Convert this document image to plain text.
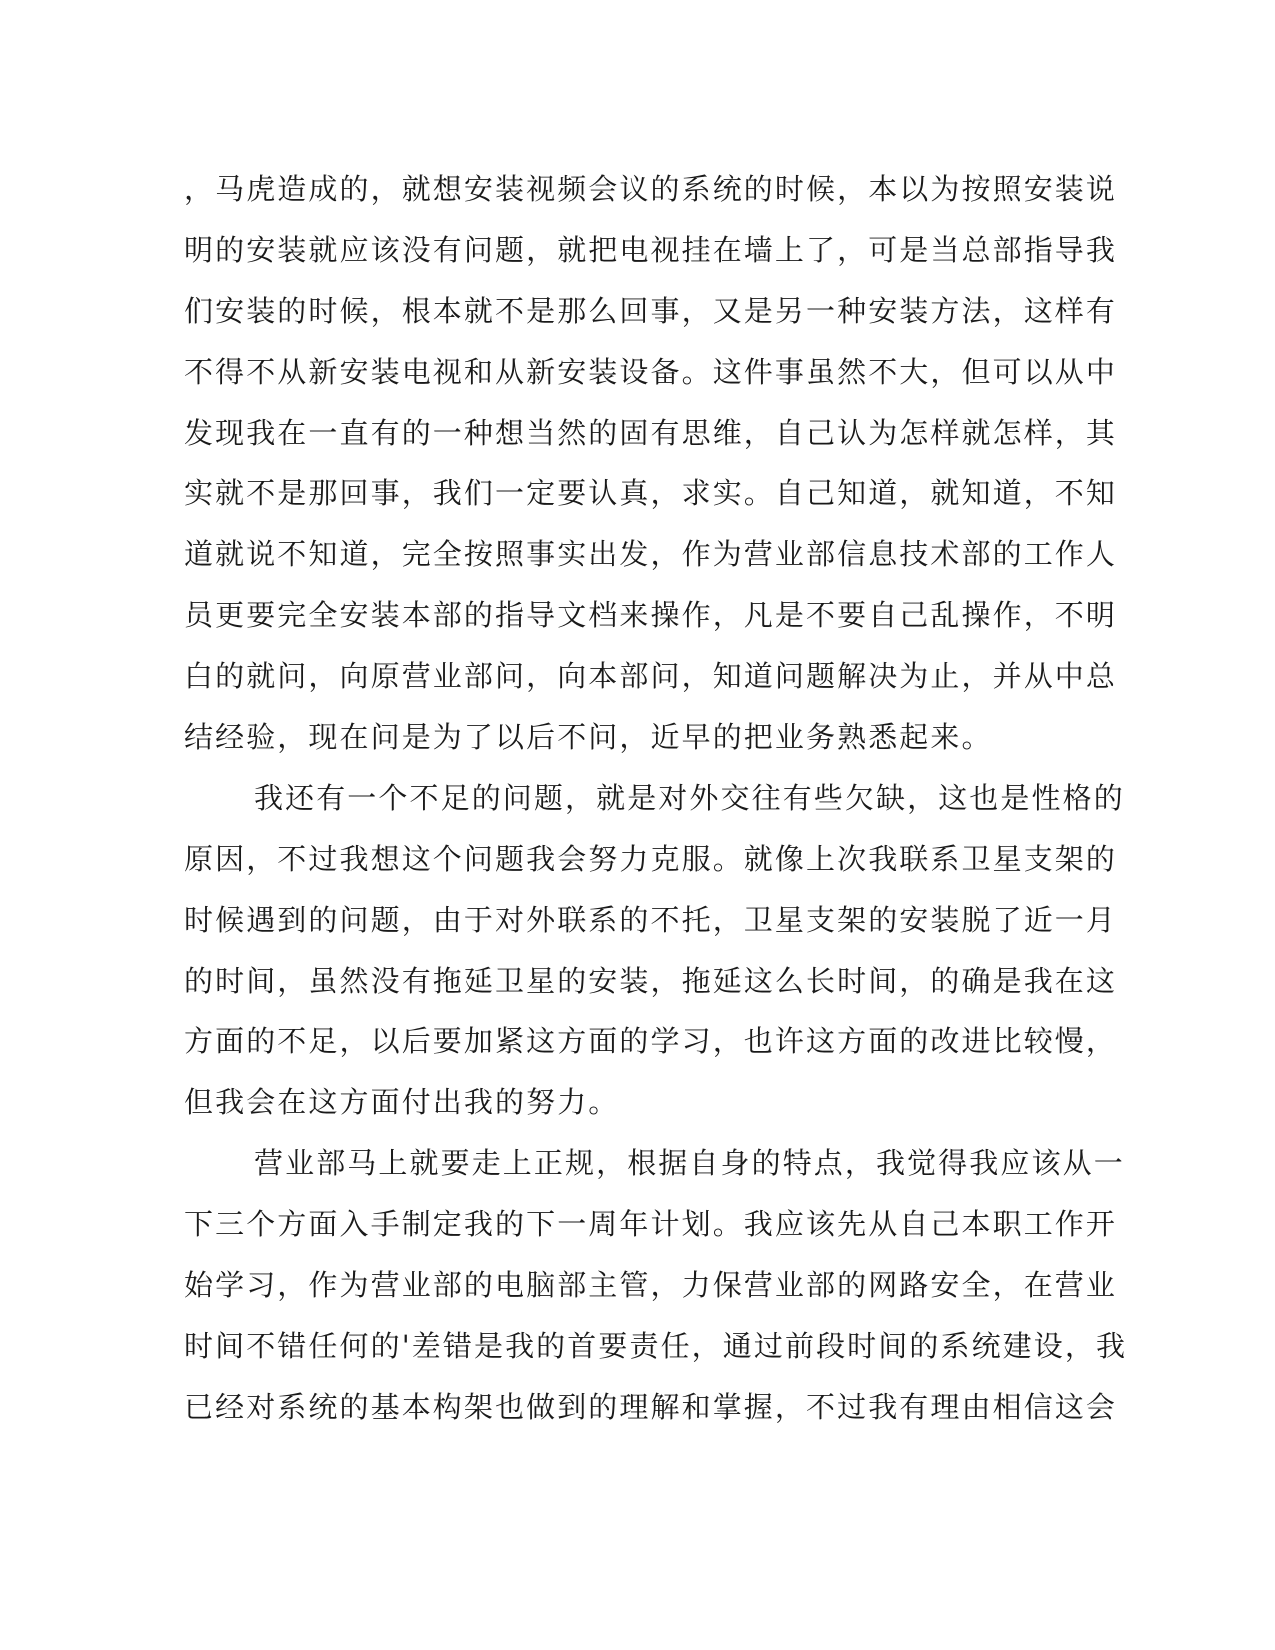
，马虎造成的，就想安装视频会议的系统的时候，本以为按照安装说
明的安装就应该没有问题，就把电视挂在墙上了，可是当总部指导我
们安装的时候，根本就不是那么回事，又是另一种安装方法，这样有
不得不从新安装电视和从新安装设备。这件事虽然不大，但可以从中
发现我在一直有的一种想当然的固有思维，自己认为怎样就怎样，其
实就不是那回事，我们一定要认真，求实。自己知道，就知道，不知
道就说不知道，完全按照事实出发，作为营业部信息技术部的工作人
员更要完全安装本部的指导文档来操作，凡是不要自己乱操作，不明
白的就问，向原营业部问，向本部问，知道问题解决为止，并从中总
结经验，现在问是为了以后不问，近早的把业务熟悉起来。
我还有一个不足的问题，就是对外交往有些欠缺，这也是性格的
原因，不过我想这个问题我会努力克服。就像上次我联系卫星支架的
时候遇到的问题，由于对外联系的不托，卫星支架的安装脱了近一月
的时间，虽然没有拖延卫星的安装，拖延这么长时间，的确是我在这
方面的不足，以后要加紧这方面的学习，也许这方面的改进比较慢，
但我会在这方面付出我的努力。
营业部马上就要走上正规，根据自身的特点，我觉得我应该从一
下三个方面入手制定我的下一周年计划。我应该先从自己本职工作开
始学习，作为营业部的电脑部主管，力保营业部的网路安全，在营业
时间不错任何的'差错是我的首要责任，通过前段时间的系统建设，我
已经对系统的基本构架也做到的理解和掌握，不过我有理由相信这会
